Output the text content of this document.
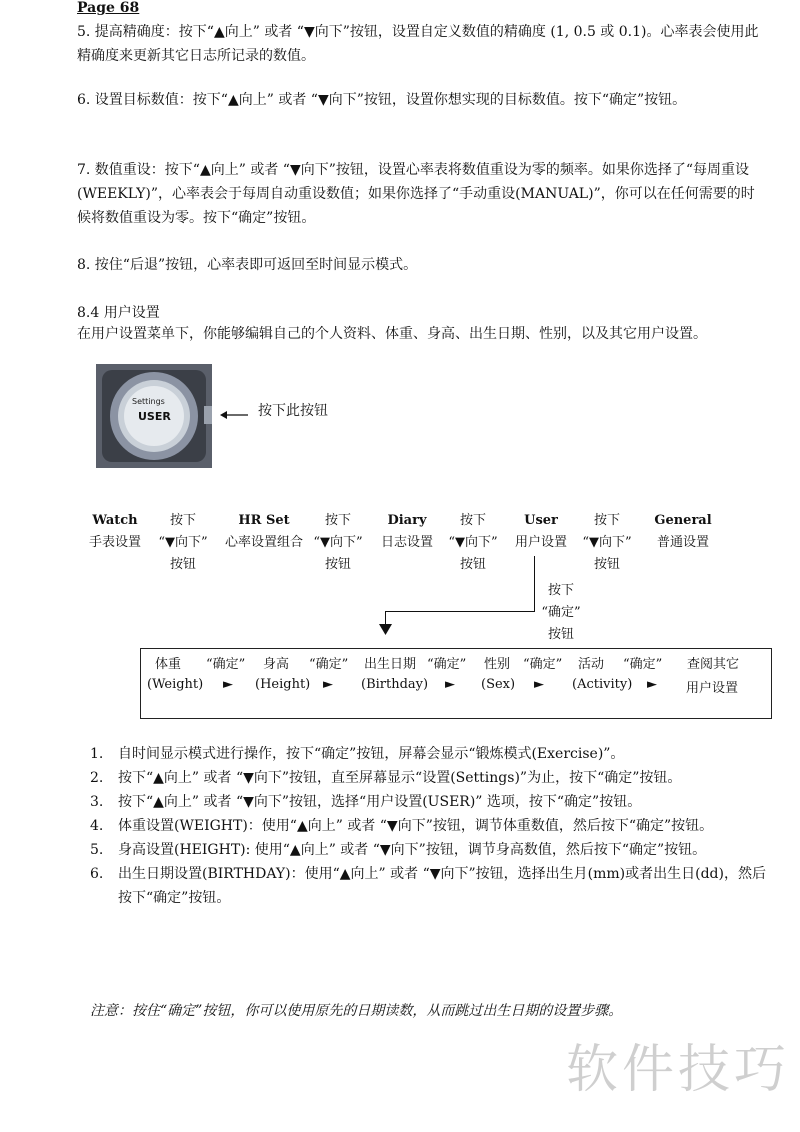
Page 68
5. 提高精确度：按下“▲向上” 或者 “▼向下”按钮，设置自定义数值的精确度 (1, 0.5 或 0.1)。心率表会使用此精确度来更新其它日志所记录的数值。
6. 设置目标数值：按下“▲向上” 或者 “▼向下”按钮，设置你想实现的目标数值。按下“确定”按钮。
7. 数值重设：按下“▲向上” 或者 “▼向下”按钮，设置心率表将数值重设为零的频率。如果你选择了“每周重设(WEEKLY)”，心率表会于每周自动重设数值；如果你选择了“手动重设(MANUAL)”，你可以在任何需要的时候将数值重设为零。按下“确定”按钮。
8. 按住“后退”按钮，心率表即可返回至时间显示模式。
8.4 用户设置
在用户设置菜单下，你能够编辑自己的个人资料、体重、身高、出生日期、性别，以及其它用户设置。
Settings
USER	按下此按钮
Watch
手表设置
按下
“▼向下”
按钮
HR Set
心率设置组合
按下
“▼向下”
按钮
Diary
日志设置
按下
“▼向下”
按钮
User
用户设置
按下
“▼向下”
按钮
General
普通设置
按下
“确定”
按钮
体重 “确定” 身高 “确定” 出生日期 “确定” 性别 “确定” 活动 “确定” 查阅其它
(Weight) ► (Height) ► (Birthday) ► (Sex) ► (Activity) ► 用户设置
1. 自时间显示模式进行操作，按下“确定”按钮，屏幕会显示“锻炼模式(Exercise)”。
2. 按下“▲向上” 或者 “▼向下”按钮，直至屏幕显示“设置(Settings)”为止，按下“确定”按钮。
3. 按下“▲向上” 或者 “▼向下”按钮，选择“用户设置(USER)” 选项，按下“确定”按钮。
4. 体重设置(WEIGHT)：使用“▲向上” 或者 “▼向下”按钮，调节体重数值，然后按下“确定”按钮。
5. 身高设置(HEIGHT): 使用“▲向上” 或者 “▼向下”按钮，调节身高数值，然后按下“确定”按钮。
6. 出生日期设置(BIRTHDAY)：使用“▲向上” 或者 “▼向下”按钮，选择出生月(mm)或者出生日(dd)，然后按下“确定”按钮。
注意：按住“确定”按钮，你可以使用原先的日期读数，从而跳过出生日期的设置步骤。
软件技巧
